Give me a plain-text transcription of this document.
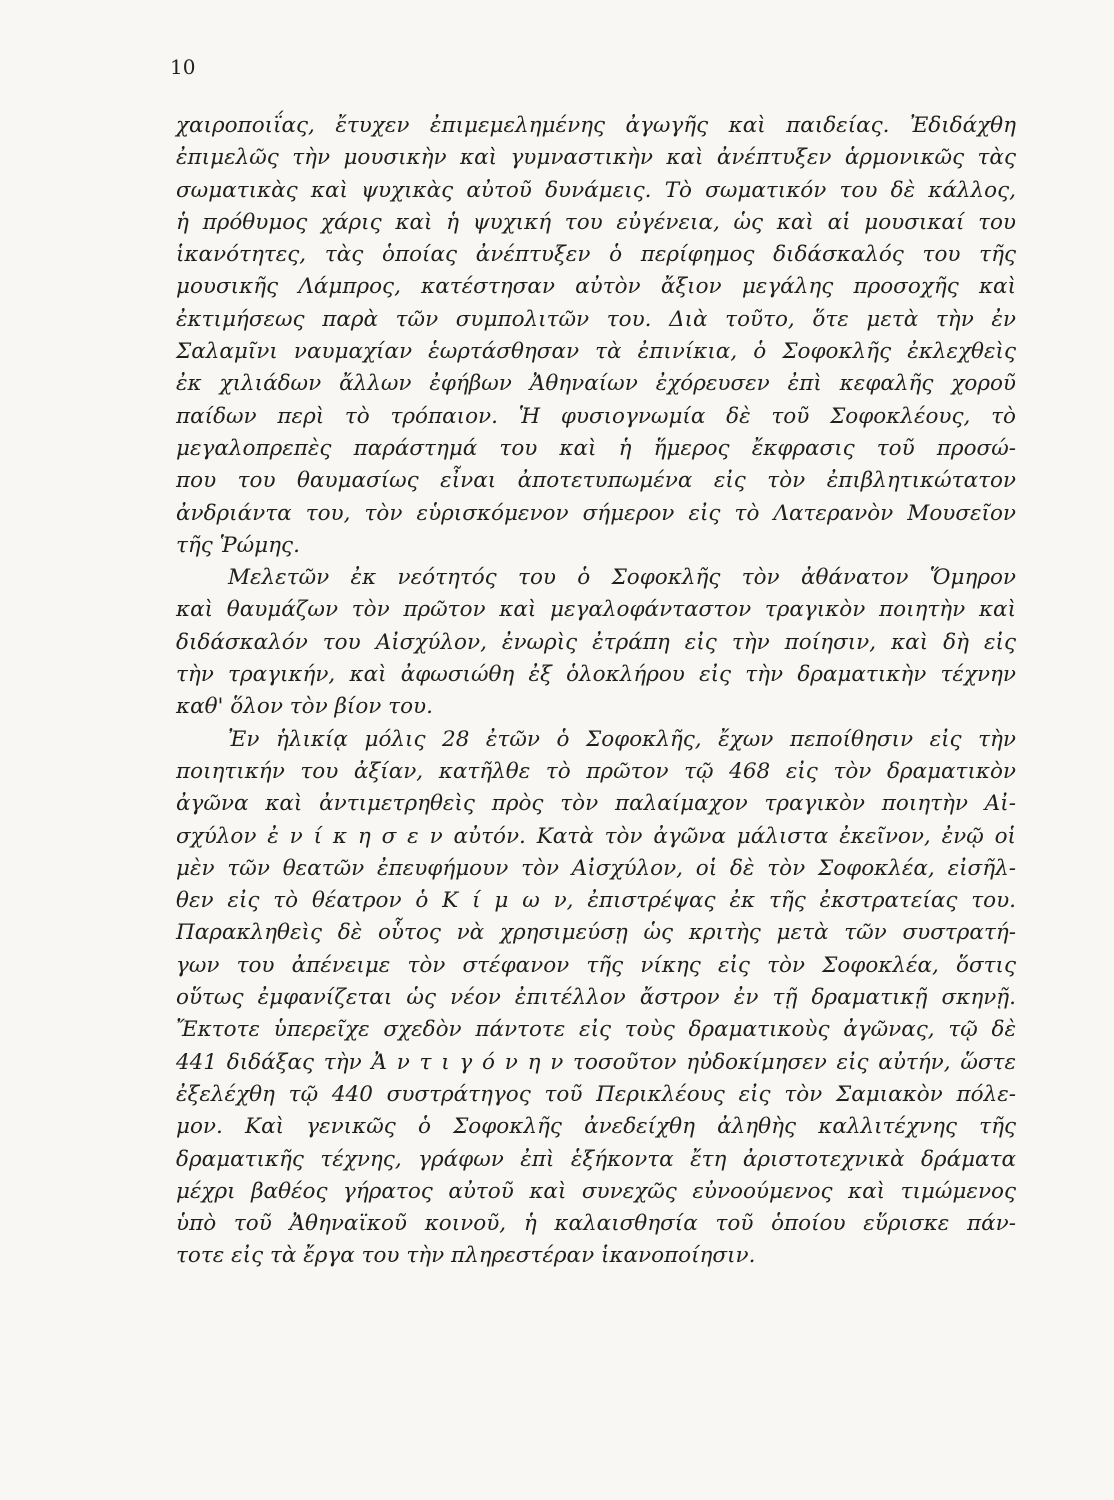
10
χαιροποιΐας, ἔτυχεν ἐπιμεμελημένης ἀγωγῆς καὶ παιδείας. Ἐδιδάχθη
ἐπιμελῶς τὴν μουσικὴν καὶ γυμναστικὴν καὶ ἀνέπτυξεν ἁρμονικῶς τὰς
σωματικὰς καὶ ψυχικὰς αὐτοῦ δυνάμεις. Τὸ σωματικόν του δὲ κάλλος,
ἡ πρόθυμος χάρις καὶ ἡ ψυχική του εὐγένεια, ὡς καὶ αἱ μουσικαί του
ἱκανότητες, τὰς ὁποίας ἀνέπτυξεν ὁ περίφημος διδάσκαλός του τῆς
μουσικῆς Λάμπρος, κατέστησαν αὐτὸν ἄξιον μεγάλης προσοχῆς καὶ
ἐκτιμήσεως παρὰ τῶν συμπολιτῶν του. Διὰ τοῦτο, ὅτε μετὰ τὴν ἐν
Σαλαμῖνι ναυμαχίαν ἑωρτάσθησαν τὰ ἐπινίκια, ὁ Σοφοκλῆς ἐκλεχθεὶς
ἐκ χιλιάδων ἄλλων ἐφήβων Ἀθηναίων ἐχόρευσεν ἐπὶ κεφαλῆς χοροῦ
παίδων περὶ τὸ τρόπαιον. Ἡ φυσιογνωμία δὲ τοῦ Σοφοκλέους, τὸ
μεγαλοπρεπὲς παράστημά του καὶ ἡ ἥμερος ἔκφρασις τοῦ προσώ-
που του θαυμασίως εἶναι ἀποτετυπωμένα εἰς τὸν ἐπιβλητικώτατον
ἀνδριάντα του, τὸν εὑρισκόμενον σήμερον εἰς τὸ Λατερανὸν Μουσεῖον
τῆς Ῥώμης.
Μελετῶν ἐκ νεότητός του ὁ Σοφοκλῆς τὸν ἀθάνατον Ὅμηρον
καὶ θαυμάζων τὸν πρῶτον καὶ μεγαλοφάνταστον τραγικὸν ποιητὴν καὶ
διδάσκαλόν του Αἰσχύλον, ἐνωρὶς ἐτράπη εἰς τὴν ποίησιν, καὶ δὴ εἰς
τὴν τραγικήν, καὶ ἀφωσιώθη ἐξ ὁλοκλήρου εἰς τὴν δραματικὴν τέχνην
καθ' ὅλον τὸν βίον του.
Ἐν ἡλικίᾳ μόλις 28 ἐτῶν ὁ Σοφοκλῆς, ἔχων πεποίθησιν εἰς τὴν
ποιητικήν του ἀξίαν, κατῆλθε τὸ πρῶτον τῷ 468 εἰς τὸν δραματικὸν
ἀγῶνα καὶ ἀντιμετρηθεὶς πρὸς τὸν παλαίμαχον τραγικὸν ποιητὴν Αἰ-
σχύλον ἐ ν ί κ η σ ε ν αὐτόν. Κατὰ τὸν ἀγῶνα μάλιστα ἐκεῖνον, ἐνῷ οἱ
μὲν τῶν θεατῶν ἐπευφήμουν τὸν Αἰσχύλον, οἱ δὲ τὸν Σοφοκλέα, εἰσῆλ-
θεν εἰς τὸ θέατρον ὁ Κ ί μ ω ν, ἐπιστρέψας ἐκ τῆς ἐκστρατείας του.
Παρακληθεὶς δὲ οὗτος νὰ χρησιμεύσῃ ὡς κριτὴς μετὰ τῶν συστρατή-
γων του ἀπένειμε τὸν στέφανον τῆς νίκης εἰς τὸν Σοφοκλέα, ὅστις
οὕτως ἐμφανίζεται ὡς νέον ἐπιτέλλον ἄστρον ἐν τῇ δραματικῇ σκηνῇ.
Ἔκτοτε ὑπερεῖχε σχεδὸν πάντοτε εἰς τοὺς δραματικοὺς ἀγῶνας, τῷ δὲ
441 διδάξας τὴν Ἀ ν τ ι γ ό ν η ν τοσοῦτον ηὐδοκίμησεν εἰς αὐτήν, ὥστε
ἐξελέχθη τῷ 440 συστράτηγος τοῦ Περικλέους εἰς τὸν Σαμιακὸν πόλε-
μον. Καὶ γενικῶς ὁ Σοφοκλῆς ἀνεδείχθη ἀληθὴς καλλιτέχνης τῆς
δραματικῆς τέχνης, γράφων ἐπὶ ἑξήκοντα ἔτη ἀριστοτεχνικὰ δράματα
μέχρι βαθέος γήρατος αὐτοῦ καὶ συνεχῶς εὐνοούμενος καὶ τιμώμενος
ὑπὸ τοῦ Ἀθηναϊκοῦ κοινοῦ, ἡ καλαισθησία τοῦ ὁποίου εὕρισκε πάν-
τοτε εἰς τὰ ἔργα του τὴν πληρεστέραν ἱκανοποίησιν.
